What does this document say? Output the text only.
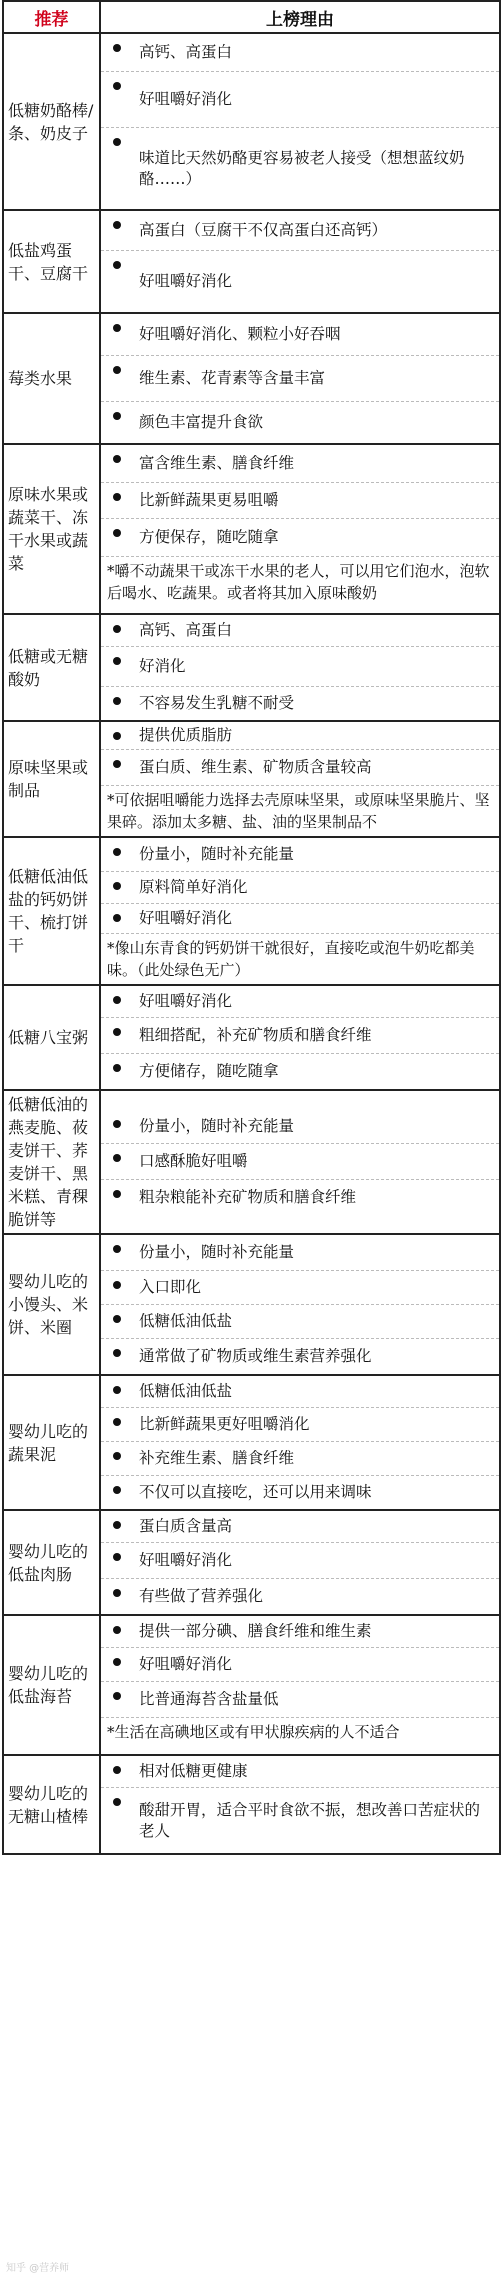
推荐	上榜理由
低糖奶酪棒/条、奶皮子	高钙、高蛋白
好咀嚼好消化
味道比天然奶酪更容易被老人接受（想想蓝纹奶酪……）

低盐鸡蛋干、豆腐干	高蛋白（豆腐干不仅高蛋白还高钙）
好咀嚼好消化

莓类水果	好咀嚼好消化、颗粒小好吞咽
维生素、花青素等含量丰富
颜色丰富提升食欲

原味水果或蔬菜干、冻干水果或蔬菜	富含维生素、膳食纤维
比新鲜蔬果更易咀嚼
方便保存，随吃随拿
*嚼不动蔬果干或冻干水果的老人，可以用它们泡水，泡软后喝水、吃蔬果。或者将其加入原味酸奶

低糖或无糖酸奶	高钙、高蛋白
好消化
不容易发生乳糖不耐受

原味坚果或制品	提供优质脂肪
蛋白质、维生素、矿物质含量较高
*可依据咀嚼能力选择去壳原味坚果，或原味坚果脆片、坚果碎。添加太多糖、盐、油的坚果制品不

低糖低油低盐的钙奶饼干、梳打饼干	份量小，随时补充能量
原料简单好消化
好咀嚼好消化
*像山东青食的钙奶饼干就很好，直接吃或泡牛奶吃都美味。（此处绿色无广）

低糖八宝粥	好咀嚼好消化
粗细搭配，补充矿物质和膳食纤维
方便储存，随吃随拿

低糖低油的燕麦脆、莜麦饼干、荞麦饼干、黑米糕、青稞脆饼等	份量小，随时补充能量
口感酥脆好咀嚼
粗杂粮能补充矿物质和膳食纤维

婴幼儿吃的小馒头、米饼、米圈	份量小，随时补充能量
入口即化
低糖低油低盐
通常做了矿物质或维生素营养强化

婴幼儿吃的蔬果泥	低糖低油低盐
比新鲜蔬果更好咀嚼消化
补充维生素、膳食纤维
不仅可以直接吃，还可以用来调味

婴幼儿吃的低盐肉肠	蛋白质含量高
好咀嚼好消化
有些做了营养强化

婴幼儿吃的低盐海苔	提供一部分碘、膳食纤维和维生素
好咀嚼好消化
比普通海苔含盐量低
*生活在高碘地区或有甲状腺疾病的人不适合

婴幼儿吃的无糖山楂棒	相对低糖更健康
酸甜开胃，适合平时食欲不振，想改善口苦症状的老人
知乎 @营养师
